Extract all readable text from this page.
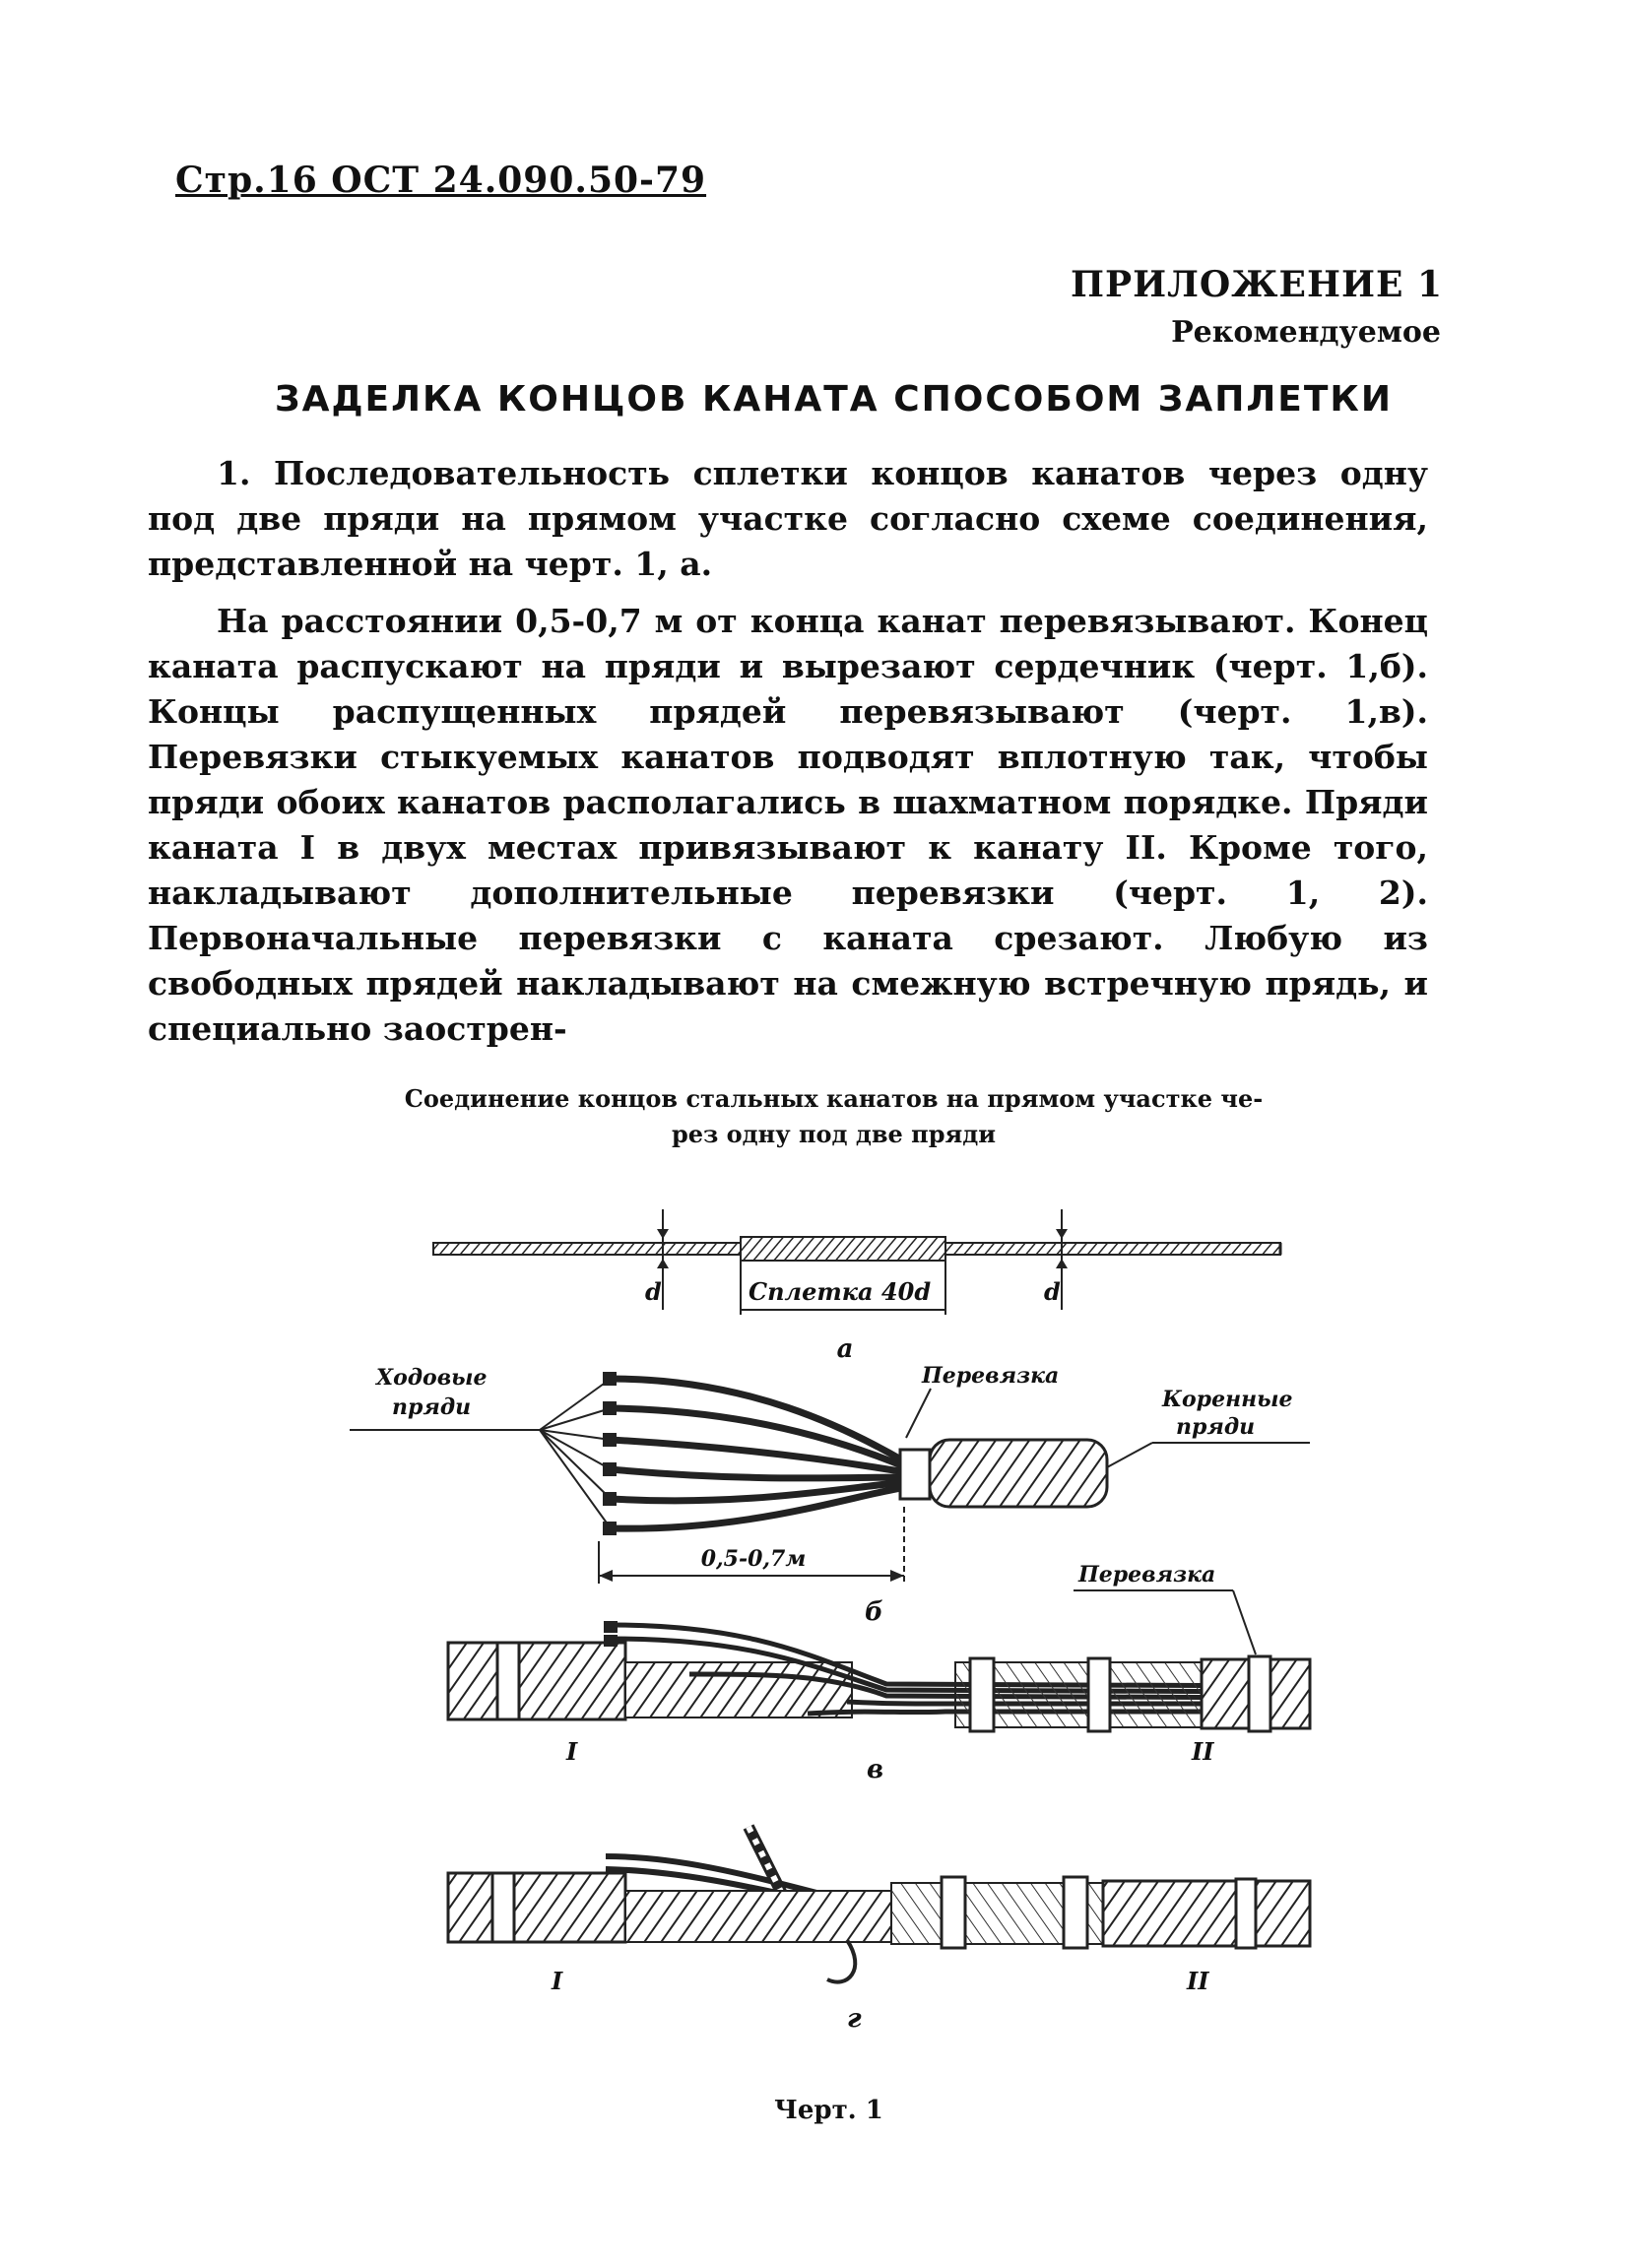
Стр.16 ОСТ 24.090.50-79
ПРИЛОЖЕНИЕ 1
Рекомендуемое
ЗАДЕЛКА КОНЦОВ КАНАТА СПОСОБОМ ЗАПЛЕТКИ

1. Последовательность сплетки концов канатов через одну под две пряди на прямом участке согласно схеме соединения, представленной на черт. 1, а.

На расстоянии 0,5-0,7 м от конца канат перевязывают. Конец каната распускают на пряди и вырезают сердечник (черт. 1,б). Концы распущенных прядей перевязывают (черт. 1,в). Перевязки стыкуемых канатов подводят вплотную так, чтобы пряди обоих канатов располагались в шахматном порядке. Пряди каната I в двух местах привязывают к канату II. Кроме того, накладывают дополнительные перевязки (черт. 1, 2). Первоначальные перевязки с каната срезают. Любую из свободных прядей накладывают на смежную встречную прядь, и специально заострен-

Соединение концов стальных канатов на прямом участке че-
рез одну под две пряди
Сплетка 40d
d	d
а
Ходовые
пряди
Перевязка
Коренные
пряди
0,5-0,7м
б
Перевязка
I	II
в
I	II
г
Черт. 1
